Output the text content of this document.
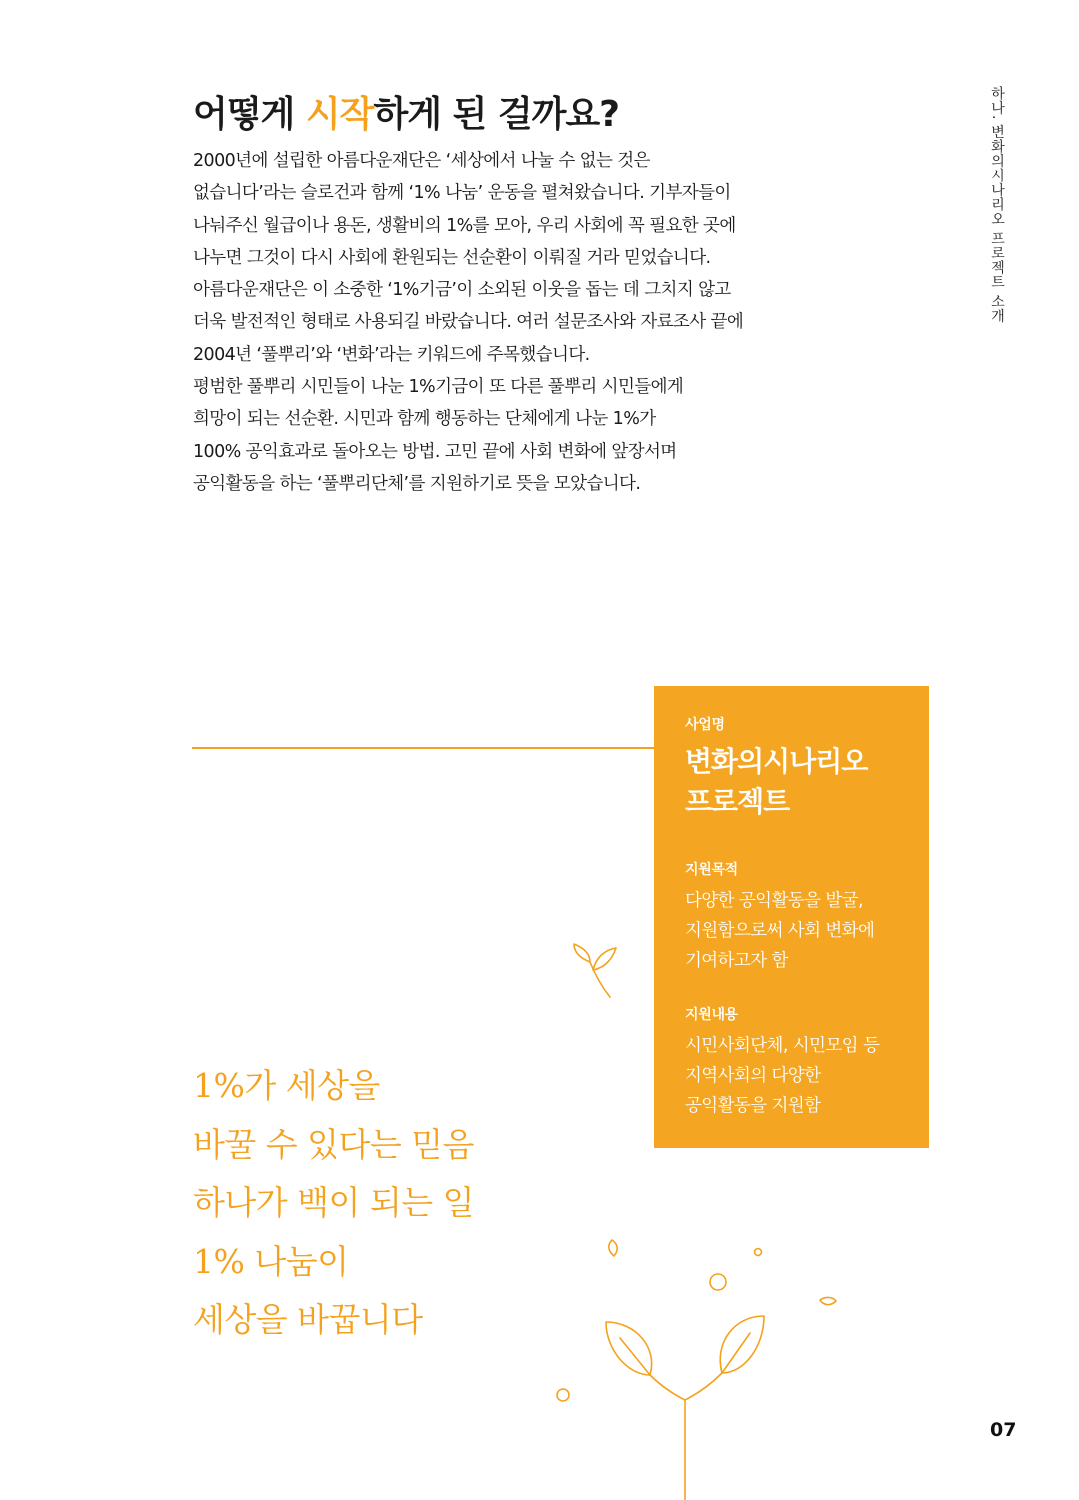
어떻게 시작하게 된 걸까요?	하나. 변화의시나리오 프로젝트 소개
2000년에 설립한 아름다운재단은 ‘세상에서 나눌 수 없는 것은
없습니다’라는 슬로건과 함께 ‘1% 나눔’ 운동을 펼쳐왔습니다. 기부자들이
나눠주신 월급이나 용돈, 생활비의 1%를 모아, 우리 사회에 꼭 필요한 곳에
나누면 그것이 다시 사회에 환원되는 선순환이 이뤄질 거라 믿었습니다.
아름다운재단은 이 소중한 ‘1%기금’이 소외된 이웃을 돕는 데 그치지 않고
더욱 발전적인 형태로 사용되길 바랐습니다. 여러 설문조사와 자료조사 끝에
2004년 ‘풀뿌리’와 ‘변화’라는 키워드에 주목했습니다.
평범한 풀뿌리 시민들이 나눈 1%기금이 또 다른 풀뿌리 시민들에게
희망이 되는 선순환. 시민과 함께 행동하는 단체에게 나눈 1%가
100% 공익효과로 돌아오는 방법. 고민 끝에 사회 변화에 앞장서며
공익활동을 하는 ‘풀뿌리단체’를 지원하기로 뜻을 모았습니다.

사업명

변화의시나리오
프로젝트

지원목적

다양한 공익활동을 발굴,
지원함으로써 사회 변화에
기여하고자 함

지원내용

시민사회단체, 시민모임 등
지역사회의 다양한
공익활동을 지원함
1%가 세상을
바꿀 수 있다는 믿음
하나가 백이 되는 일
1% 나눔이
세상을 바꿉니다
07
